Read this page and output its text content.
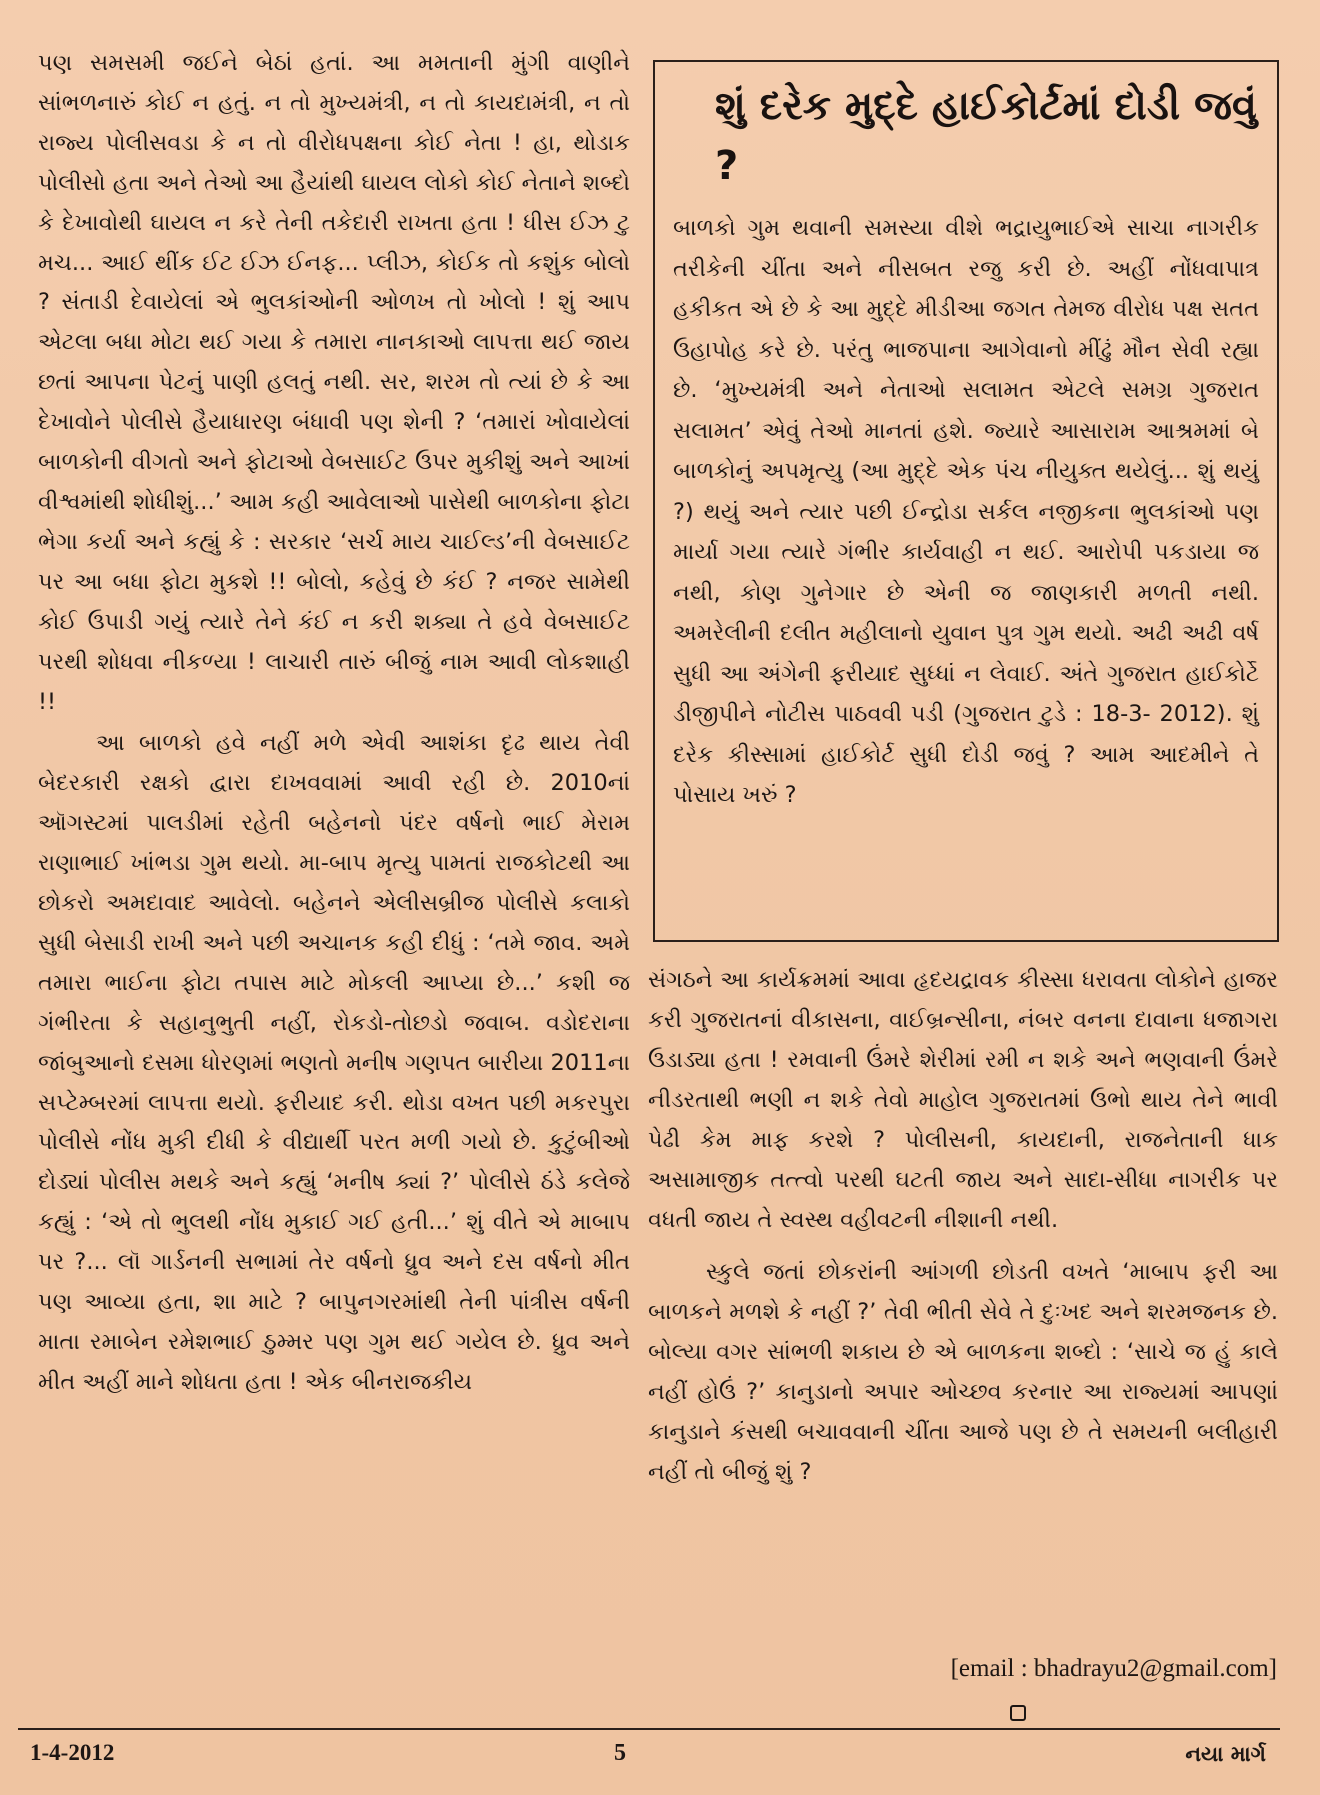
પણ સમસમી જઈને બેઠાં હતાં. આ મમતાની મુંગી વાણીને સાંભળનારું કોઈ ન હતું. ન તો મુખ્યમંત્રી, ન તો કાયદામંત્રી, ન તો રાજ્ય પોલીસવડા કે ન તો વીરોધપક્ષના કોઈ નેતા ! હા, થોડાક પોલીસો હતા અને તેઓ આ હૈયાંથી ઘાયલ લોકો કોઈ નેતાને શબ્દો કે દેખાવોથી ઘાયલ ન કરે તેની તકેદારી રાખતા હતા ! ધીસ ઈઝ ટુ મચ... આઈ થીંક ઈટ ઈઝ ઈનફ... પ્લીઝ, કોઈક તો કશુંક બોલો ? સંતાડી દેવાયેલાં એ ભુલકાંઓની ઓળખ તો ખોલો ! શું આપ એટલા બધા મોટા થઈ ગયા કે તમારા નાનકાઓ લાપત્તા થઈ જાય છતાં આપના પેટનું પાણી હલતું નથી. સર, શરમ તો ત્યાં છે કે આ દેખાવોને પોલીસે હૈયાધારણ બંધાવી પણ શેની ? ‘તમારાં ખોવાયેલાં બાળકોની વીગતો અને ફોટાઓ વેબસાઈટ ઉપર મુકીશું અને આખાં વીશ્વમાંથી શોધીશું...’ આમ કહી આવેલાઓ પાસેથી બાળકોના ફોટા ભેગા કર્યા અને કહ્યું કે : સરકાર ‘સર્ચ માય ચાઈલ્ડ’ની વેબસાઈટ પર આ બધા ફોટા મુકશે !! બોલો, કહેવું છે કંઈ ? નજર સામેથી કોઈ ઉપાડી ગયું ત્યારે તેને કંઈ ન કરી શક્યા તે હવે વેબસાઈટ પરથી શોધવા નીકળ્યા ! લાચારી તારું બીજું નામ આવી લોકશાહી !!

આ બાળકો હવે નહીં મળે એવી આશંકા દૃઢ થાય તેવી બેદરકારી રક્ષકો દ્વારા દાખવવામાં આવી રહી છે. 2010નાં ઑગસ્ટમાં પાલડીમાં રહેતી બહેનનો પંદર વર્ષનો ભાઈ મેરામ રાણાભાઈ ખાંભડા ગુમ થયો. મા-બાપ મૃત્યુ પામતાં રાજકોટથી આ છોકરો અમદાવાદ આવેલો. બહેનને એલીસબ્રીજ પોલીસે કલાકો સુધી બેસાડી રાખી અને પછી અચાનક કહી દીધું : ‘તમે જાવ. અમે તમારા ભાઈના ફોટા તપાસ માટે મોકલી આપ્યા છે...’ કશી જ ગંભીરતા કે સહાનુભુતી નહીં, રોકડો-તોછડો જવાબ. વડોદરાના જાંબુઆનો દસમા ધોરણમાં ભણતો મનીષ ગણપત બારીયા 2011ના સપ્ટેમ્બરમાં લાપત્તા થયો. ફરીયાદ કરી. થોડા વખત પછી મકરપુરા પોલીસે નોંધ મુકી દીધી કે વીદ્યાર્થી પરત મળી ગયો છે. કુટુંબીઓ દોડ્યાં પોલીસ મથકે અને કહ્યું ‘મનીષ ક્યાં ?’ પોલીસે ઠંડે કલેજે કહ્યું : ‘એ તો ભુલથી નોંધ મુકાઈ ગઈ હતી...’ શું વીતે એ માબાપ પર ?... લૉ ગાર્ડનની સભામાં તેર વર્ષનો ધ્રુવ અને દસ વર્ષનો મીત પણ આવ્યા હતા, શા માટે ? બાપુનગરમાંથી તેની પાંત્રીસ વર્ષની માતા રમાબેન રમેશભાઈ ઠુમ્મર પણ ગુમ થઈ ગયેલ છે. ધ્રુવ અને મીત અહીં માને શોધતા હતા ! એક બીનરાજકીય

શું દરેક મુદ્દે હાઈકોર્ટમાં દોડી જવું ?

બાળકો ગુમ થવાની સમસ્યા વીશે ભદ્રાયુભાઈએ સાચા નાગરીક તરીકેની ચીંતા અને નીસબત રજુ કરી છે. અહીં નોંધવાપાત્ર હકીકત એ છે કે આ મુદ્દે મીડીઆ જગત તેમજ વીરોધ પક્ષ સતત ઉહાપોહ કરે છે. પરંતુ ભાજપાના આગેવાનો મીંઢું મૌન સેવી રહ્યા છે. ‘મુખ્યમંત્રી અને નેતાઓ સલામત એટલે સમગ્ર ગુજરાત સલામત’ એવું તેઓ માનતાં હશે. જ્યારે આસારામ આશ્રમમાં બે બાળકોનું અપમૃત્યુ (આ મુદ્દે એક પંચ નીયુક્ત થયેલું... શું થયું ?) થયું અને ત્યાર પછી ઈન્દ્રોડા સર્કલ નજીકના ભુલકાંઓ પણ માર્યા ગયા ત્યારે ગંભીર કાર્યવાહી ન થઈ. આરોપી પકડાયા જ નથી, કોણ ગુનેગાર છે એની જ જાણકારી મળતી નથી. અમરેલીની દલીત મહીલાનો યુવાન પુત્ર ગુમ થયો. અઢી અઢી વર્ષ સુધી આ અંગેની ફરીયાદ સુધ્ધાં ન લેવાઈ. અંતે ગુજરાત હાઈકોર્ટે ડીજીપીને નોટીસ પાઠવવી પડી (ગુજરાત ટુડે : 18-3- 2012). શું દરેક કીસ્સામાં હાઈકોર્ટ સુધી દોડી જવું ? આમ આદમીને તે પોસાય ખરું ?

સંગઠને આ કાર્યક્રમમાં આવા હૃદયદ્રાવક કીસ્સા ધરાવતા લોકોને હાજર કરી ગુજરાતનાં વીકાસના, વાઈબ્રન્સીના, નંબર વનના દાવાના ધજાગરા ઉડાડ્યા હતા ! રમવાની ઉંમરે શેરીમાં રમી ન શકે અને ભણવાની ઉંમરે નીડરતાથી ભણી ન શકે તેવો માહોલ ગુજરાતમાં ઉભો થાય તેને ભાવી પેઢી કેમ માફ કરશે ? પોલીસની, કાયદાની, રાજનેતાની ધાક અસામાજીક તત્ત્વો પરથી ઘટતી જાય અને સાદા-સીધા નાગરીક પર વધતી જાય તે સ્વસ્થ વહીવટની નીશાની નથી.

સ્કુલે જતાં છોકરાંની આંગળી છોડતી વખતે ‘માબાપ ફરી આ બાળકને મળશે કે નહીં ?’ તેવી ભીતી સેવે તે દુઃખદ અને શરમજનક છે. બોલ્યા વગર સાંભળી શકાય છે એ બાળકના શબ્દો : ‘સાચે જ હું કાલે નહીં હોઉં ?’ કાનુડાનો અપાર ઓચ્છવ કરનાર આ રાજ્યમાં આપણાં કાનુડાને કંસથી બચાવવાની ચીંતા આજે પણ છે તે સમયની બલીહારી નહીં તો બીજું શું ?

[email : bhadrayu2@gmail.com]
1-4-2012	5	નયા માર્ગ
